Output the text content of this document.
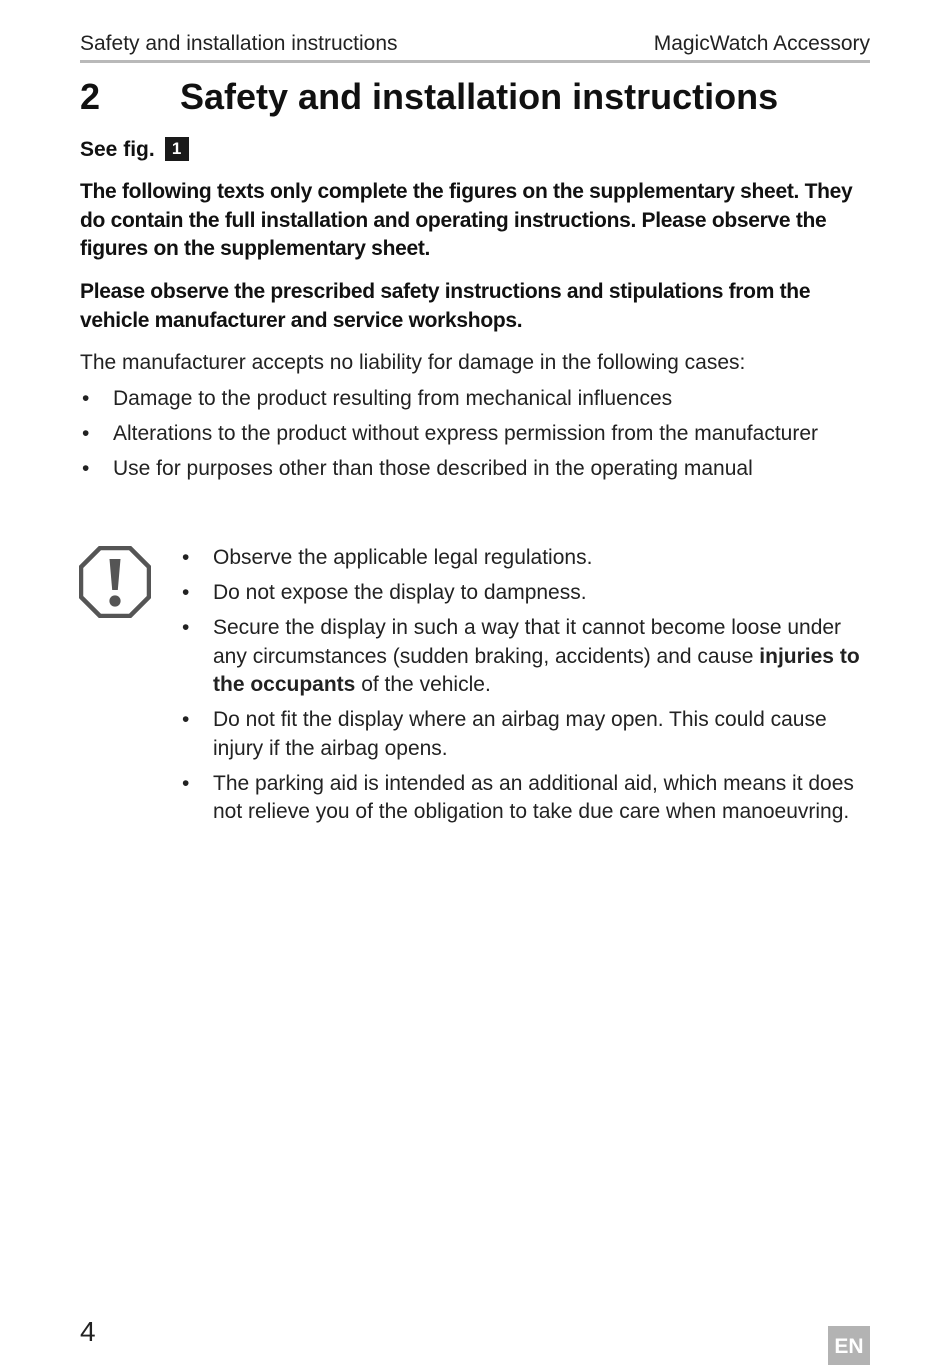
Safety and installation instructions	MagicWatch Accessory
2 Safety and installation instructions
See fig. 1

The following texts only complete the figures on the supplementary sheet. They do contain the full installation and operating instructions. Please observe the figures on the supplementary sheet.

Please observe the prescribed safety instructions and stipulations from the vehicle manufacturer and service workshops.

The manufacturer accepts no liability for damage in the following cases:

• Damage to the product resulting from mechanical influences
• Alterations to the product without express permission from the manufacturer
• Use for purposes other than those described in the operating manual
• Observe the applicable legal regulations.
• Do not expose the display to dampness.
• Secure the display in such a way that it cannot become loose under any circumstances (sudden braking, accidents) and cause injuries to the occupants of the vehicle.
• Do not fit the display where an airbag may open. This could cause injury if the airbag opens.
• The parking aid is intended as an additional aid, which means it does not relieve you of the obligation to take due care when manoeuvring.
4	EN
